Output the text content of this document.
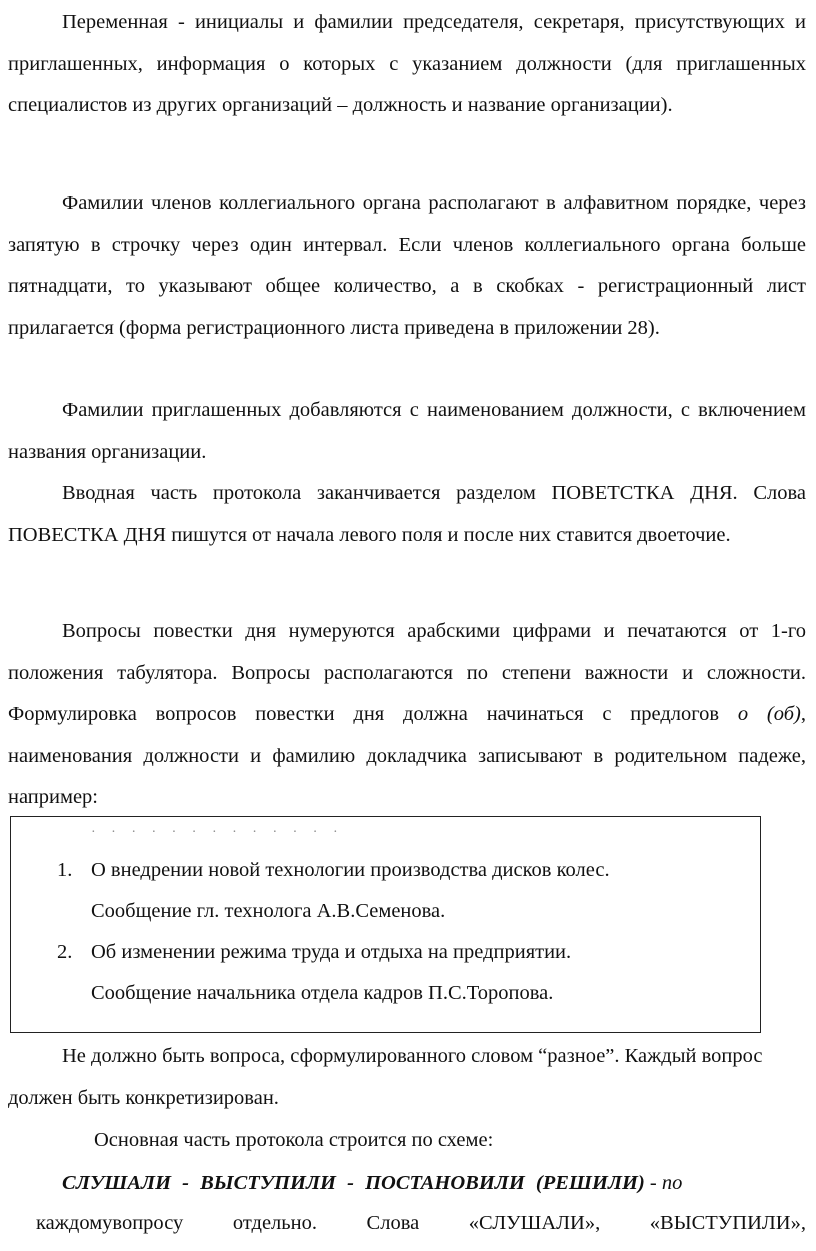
Переменная - инициалы и фамилии председателя, секретаря, присутствующих и приглашенных, информация о которых с указанием должности (для приглашенных специалистов из других организаций – должность и название организации).

Фамилии членов коллегиального органа располагают в алфавитном порядке, через запятую в строчку через один интервал. Если членов коллегиального органа больше пятнадцати, то указывают общее количество, а в скобках - регистрационный лист прилагается (форма регистрационного листа приведена в приложении 28).

Фамилии приглашенных добавляются с наименованием должности, с включением названия организации.

Вводная часть протокола заканчивается разделом ПОВЕТСТКА ДНЯ. Слова ПОВЕСТКА ДНЯ пишутся от начала левого поля и после них ставится двоеточие.

Вопросы повестки дня нумеруются арабскими цифрами и печатаются от 1-го положения табулятора. Вопросы располагаются по степени важности и сложности. Формулировка вопросов повестки дня должна начинаться с предлогов о (об), наименования должности и фамилию докладчика записывают в родительном падеже, например:

· · · · · · · · · · · · ·
1. О внедрении новой технологии производства дисков колес.
Сообщение гл. технолога А.В.Семенова.
2. Об изменении режима труда и отдыха на предприятии.
Сообщение начальника отдела кадров П.С.Торопова.

Не должно быть вопроса, сформулированного словом “разное”. Каждый вопрос должен быть конкретизирован.

Основная часть протокола строится по схеме:

СЛУШАЛИ - ВЫСТУПИЛИ - ПОСТАНОВИЛИ (РЕШИЛИ) - по

каждомувопросу отдельно. Слова «СЛУШАЛИ», «ВЫСТУПИЛИ»,
